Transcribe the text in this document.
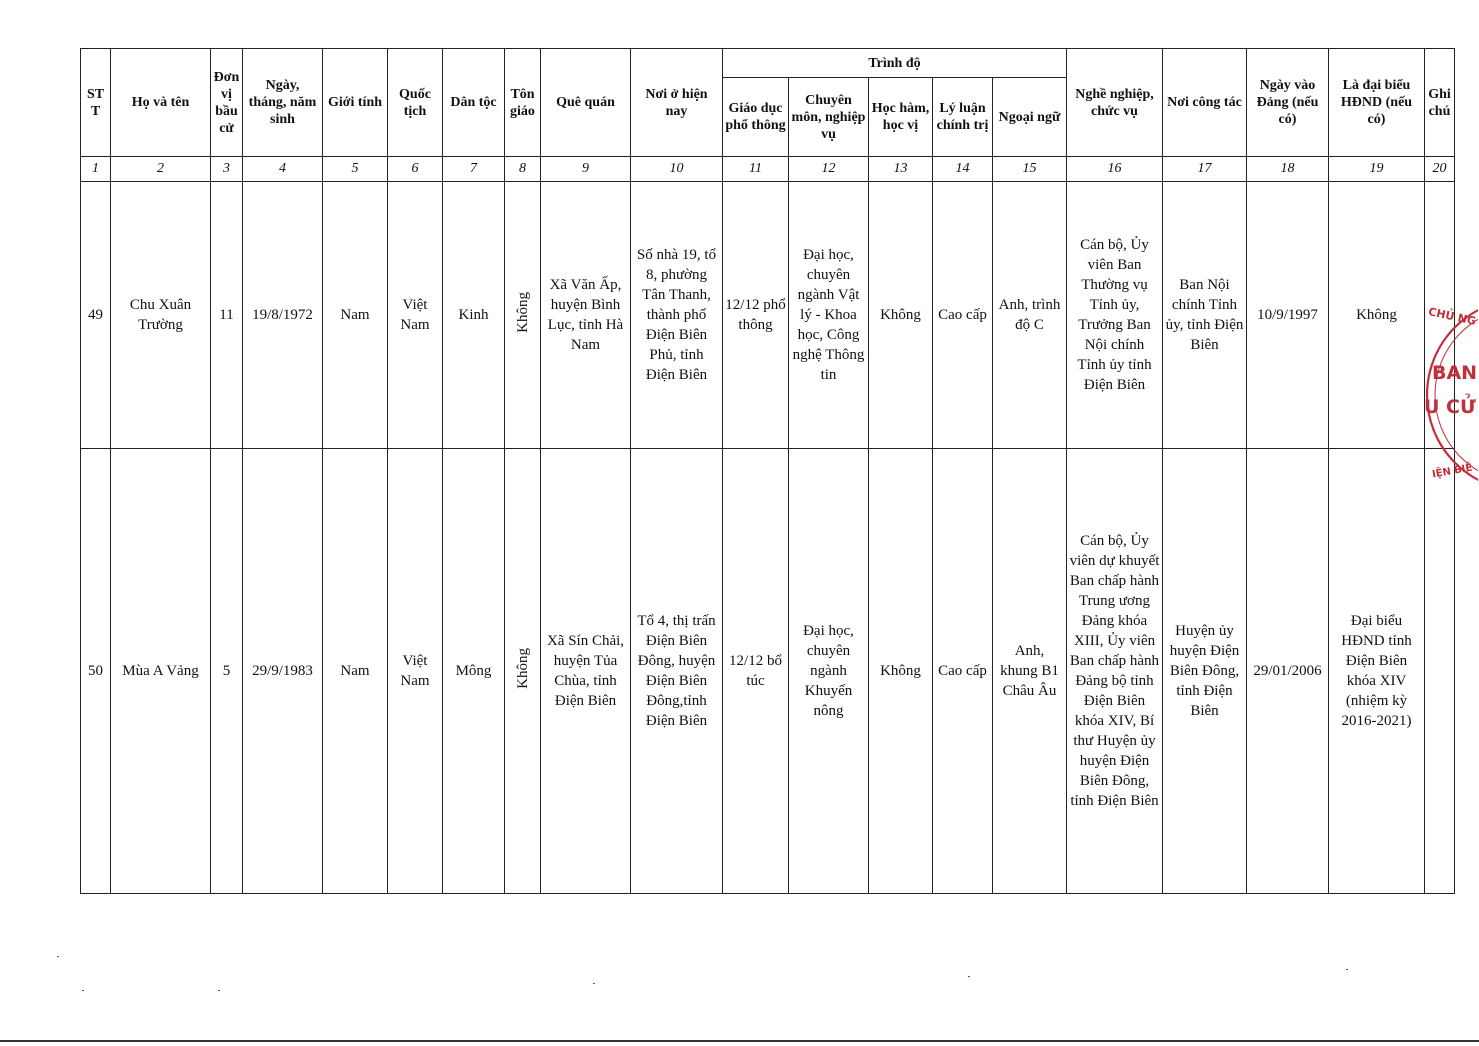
ST
T	Họ và tên	Đơn vị bầu cử	Ngày, tháng, năm sinh	Giới tính	Quốc tịch	Dân tộc	Tôn giáo	Quê quán	Nơi ở hiện nay	Trình độ					Nghề nghiệp, chức vụ	Nơi công tác	Ngày vào Đảng (nếu có)	Là đại biểu HĐND (nếu có)	Ghi chú
										Giáo dục phổ thông	Chuyên môn, nghiệp vụ	Học hàm, học vị	Lý luận chính trị	Ngoại ngữ					
1	2	3	4	5	6	7	8	9	10	11	12	13	14	15	16	17	18	19	20
49	Chu Xuân Trường	11	19/8/1972	Nam	Việt Nam	Kinh	Không	Xã Văn Ấp, huyện Bình Lục, tỉnh Hà Nam	Số nhà 19, tổ 8, phường Tân Thanh, thành phố Điện Biên Phủ, tỉnh Điện Biên	12/12 phổ thông	Đại học, chuyên ngành Vật lý - Khoa học, Công nghệ Thông tin	Không	Cao cấp	Anh, trình độ C	Cán bộ, Ủy viên Ban Thường vụ Tỉnh ủy, Trưởng Ban Nội chính Tỉnh ủy tỉnh Điện Biên	Ban Nội chính Tỉnh ủy, tỉnh Điện Biên	10/9/1997	Không	
50	Mùa A Vảng	5	29/9/1983	Nam	Việt Nam	Mông	Không	Xã Sín Chải, huyện Tủa Chùa, tỉnh Điện Biên	Tổ 4, thị trấn Điện Biên Đông, huyện Điện Biên Đông,tỉnh Điện Biên	12/12 bổ túc	Đại học, chuyên ngành Khuyến nông	Không	Cao cấp	Anh, khung B1 Châu Âu	Cán bộ, Ủy viên dự khuyết Ban chấp hành Trung ương Đảng khóa XIII, Ủy viên Ban chấp hành Đảng bộ tỉnh Điện Biên khóa XIV, Bí thư Huyện ủy huyện Điện Biên Đông, tỉnh Điện Biên	Huyện ủy huyện Điện Biên Đông, tỉnh Điện Biên	29/01/2006	Đại biểu HĐND tỉnh Điện Biên khóa XIV (nhiệm kỳ 2016-2021)	
CHỦ NG
BAN
U CỬ
IỆN BIÊ
